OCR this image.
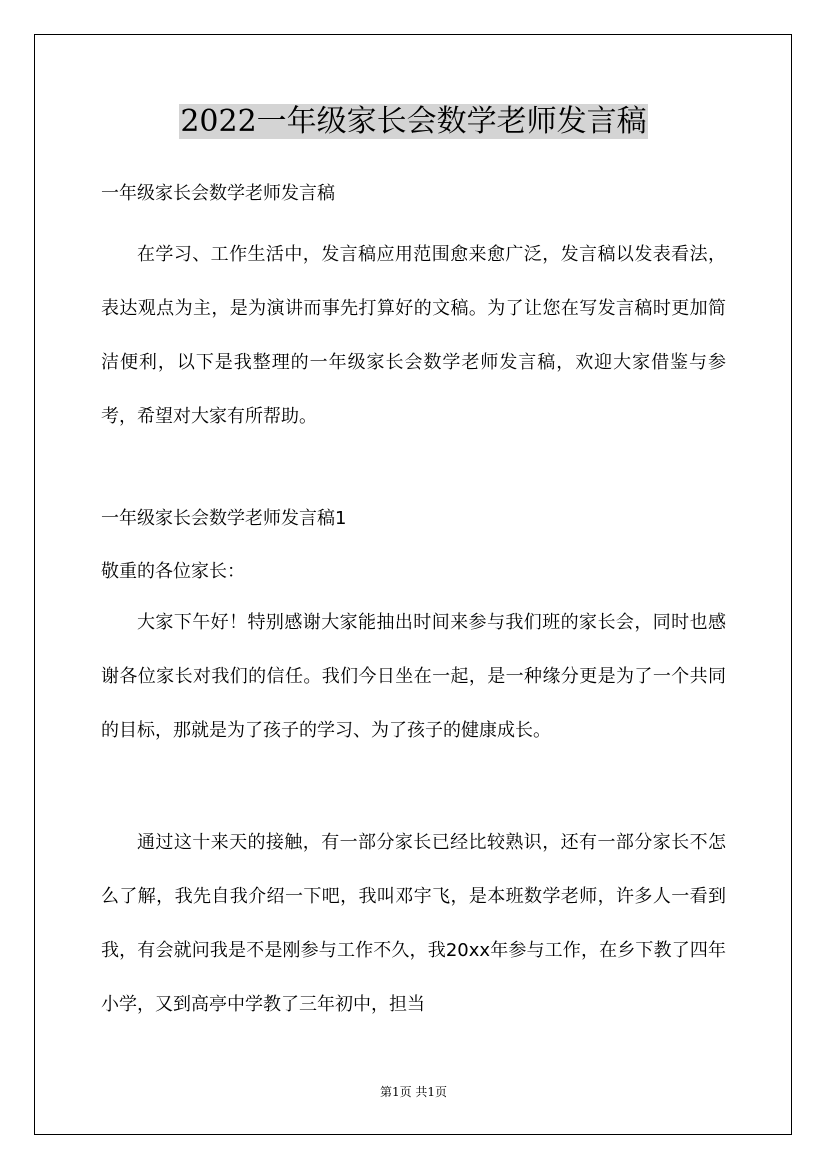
2022一年级家长会数学老师发言稿

一年级家长会数学老师发言稿

在学习、工作生活中，发言稿应用范围愈来愈广泛，发言稿以发表看法，表达观点为主，是为演讲而事先打算好的文稿。为了让您在写发言稿时更加简洁便利，以下是我整理的一年级家长会数学老师发言稿，欢迎大家借鉴与参考，希望对大家有所帮助。

一年级家长会数学老师发言稿1

敬重的各位家长：

大家下午好！特别感谢大家能抽出时间来参与我们班的家长会，同时也感谢各位家长对我们的信任。我们今日坐在一起，是一种缘分更是为了一个共同的目标，那就是为了孩子的学习、为了孩子的健康成长。

通过这十来天的接触，有一部分家长已经比较熟识，还有一部分家长不怎么了解，我先自我介绍一下吧，我叫邓宇飞，是本班数学老师，许多人一看到我，有会就问我是不是刚参与工作不久，我20xx年参与工作，在乡下教了四年小学，又到高亭中学教了三年初中，担当

第1页 共1页
